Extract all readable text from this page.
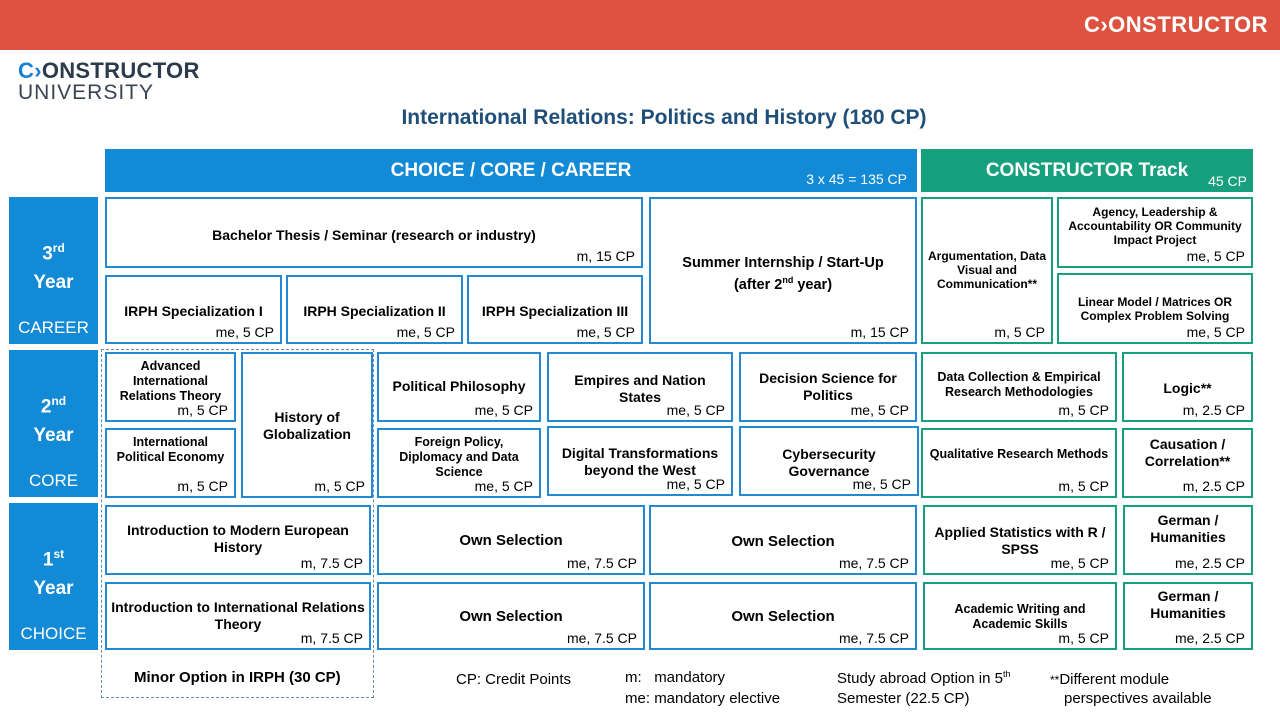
C›ONSTRUCTOR
C›ONSTRUCTOR
UNIVERSITY
International Relations: Politics and History (180 CP)
CHOICE / CORE / CAREER	3 x 45 = 135 CP	CONSTRUCTOR Track	45 CP
3rd
Year
CAREER
2nd
Year
CORE
1st
Year
CHOICE
Bachelor Thesis / Seminar (research or industry)
m, 15 CP
IRPH Specialization I
me, 5 CP
IRPH Specialization II
me, 5 CP
IRPH Specialization III
me, 5 CP
Summer Internship / Start-Up
(after 2nd year)
m, 15 CP
Argumentation, Data Visual and Communication**
m, 5 CP
Agency, Leadership & Accountability OR Community Impact Project
me, 5 CP
Linear Model / Matrices OR Complex Problem Solving
me, 5 CP
Advanced International Relations Theory
m, 5 CP
International Political Economy
m, 5 CP
History of Globalization
m, 5 CP
Political Philosophy
me, 5 CP
Foreign Policy, Diplomacy and Data Science
me, 5 CP
Empires and Nation States
me, 5 CP
Digital Transformations beyond the West
me, 5 CP
Decision Science for Politics
me, 5 CP
Cybersecurity Governance
me, 5 CP
Data Collection & Empirical Research Methodologies
m, 5 CP
Logic**
m, 2.5 CP
Qualitative Research Methods
m, 5 CP
Causation / Correlation**
m, 2.5 CP
Introduction to Modern European History
m, 7.5 CP
Own Selection
me, 7.5 CP
Own Selection
me, 7.5 CP
Applied Statistics with R / SPSS
me, 5 CP
German / Humanities
me, 2.5 CP
Introduction to International Relations Theory
m, 7.5 CP
Own Selection
me, 7.5 CP
Own Selection
me, 7.5 CP
Academic Writing and Academic Skills
m, 5 CP
German / Humanities
me, 2.5 CP
Minor Option in IRPH (30 CP)	CP: Credit Points	m: mandatory
me: mandatory elective
Study abroad Option in 5th
Semester (22.5 CP)
**Different module
perspectives available
